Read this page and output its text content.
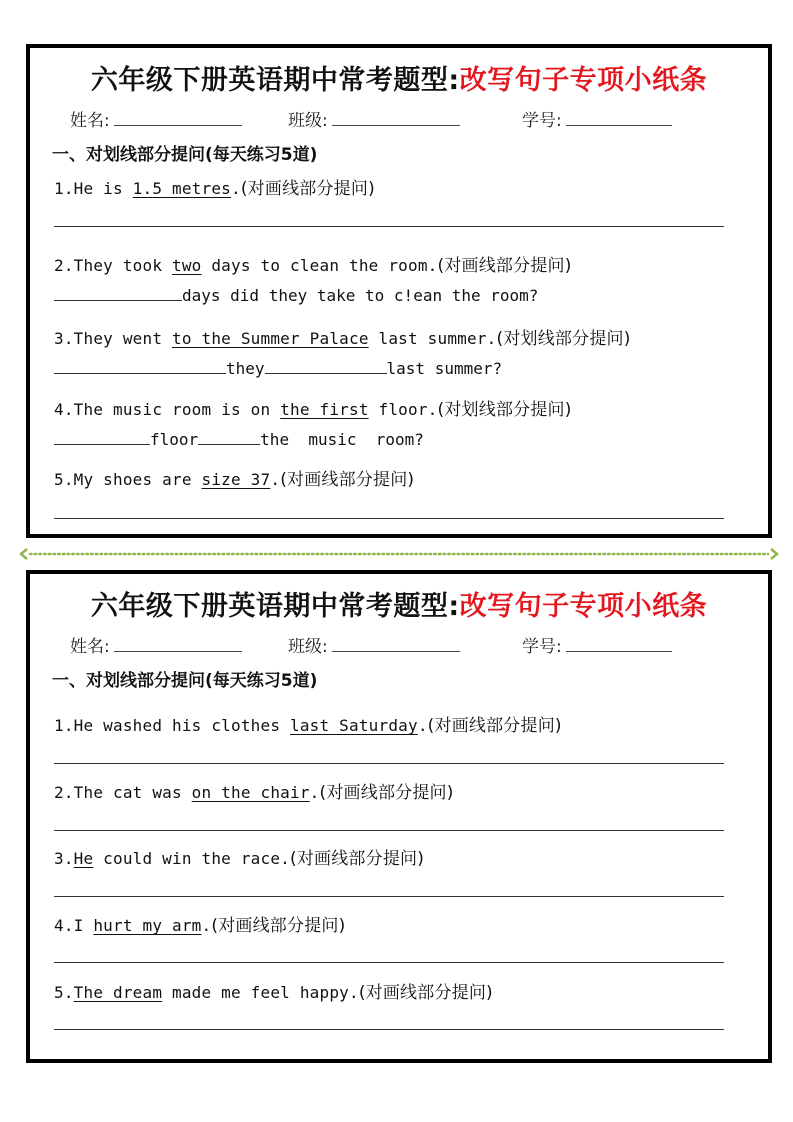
六年级下册英语期中常考题型:改写句子专项小纸条
姓名:	班级:	学号:
一、对划线部分提问(每天练习5道)
1.He is 1.5 metres.(对画线部分提问)
2.They took two days to clean the room.(对画线部分提问)
days did they take to c!ean the room?
3.They went to the Summer Palace last summer.(对划线部分提问)
they	last summer?
4.The music room is on the first floor.(对划线部分提问)
floor	the  music  room?
5.My shoes are size 37.(对画线部分提问)
六年级下册英语期中常考题型:改写句子专项小纸条
姓名:	班级:	学号:
一、对划线部分提问(每天练习5道)
1.He washed his clothes last Saturday.(对画线部分提问)
2.The cat was on the chair.(对画线部分提问)
3.He could win the race.(对画线部分提问)
4.I hurt my arm.(对画线部分提问)
5.The dream made me feel happy.(对画线部分提问)
